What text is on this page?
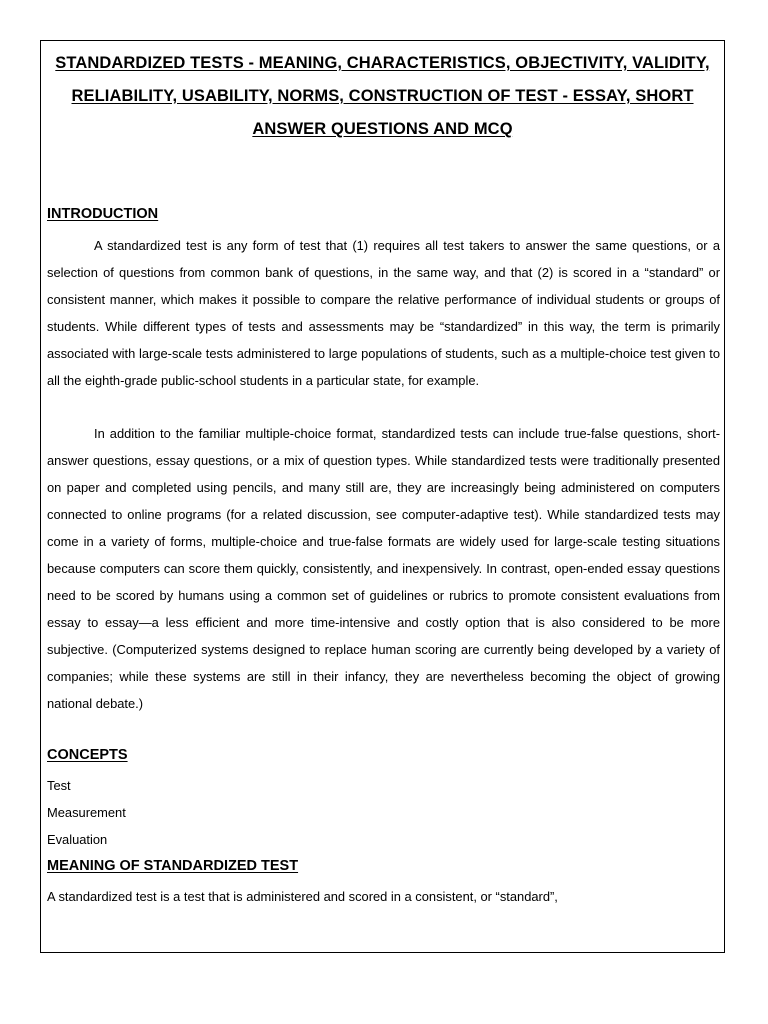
STANDARDIZED TESTS - MEANING, CHARACTERISTICS, OBJECTIVITY, VALIDITY,
RELIABILITY, USABILITY, NORMS, CONSTRUCTION OF TEST - ESSAY, SHORT
ANSWER QUESTIONS AND MCQ
INTRODUCTION

A standardized test is any form of test that (1) requires all test takers to answer the same questions, or a selection of questions from common bank of questions, in the same way, and that (2) is scored in a “standard” or consistent manner, which makes it possible to compare the relative performance of individual students or groups of students. While different types of tests and assessments may be “standardized” in this way, the term is primarily associated with large-scale tests administered to large populations of students, such as a multiple-choice test given to all the eighth-grade public-school students in a particular state, for example.

In addition to the familiar multiple-choice format, standardized tests can include true-false questions, short-answer questions, essay questions, or a mix of question types. While standardized tests were traditionally presented on paper and completed using pencils, and many still are, they are increasingly being administered on computers connected to online programs (for a related discussion, see computer-adaptive test). While standardized tests may come in a variety of forms, multiple-choice and true-false formats are widely used for large-scale testing situations because computers can score them quickly, consistently, and inexpensively. In contrast, open-ended essay questions need to be scored by humans using a common set of guidelines or rubrics to promote consistent evaluations from essay to essay—a less efficient and more time-intensive and costly option that is also considered to be more subjective. (Computerized systems designed to replace human scoring are currently being developed by a variety of companies; while these systems are still in their infancy, they are nevertheless becoming the object of growing national debate.)

CONCEPTS
Test
Measurement
Evaluation
MEANING OF STANDARDIZED TEST
A standardized test is a test that is administered and scored in a consistent, or “standard”,
